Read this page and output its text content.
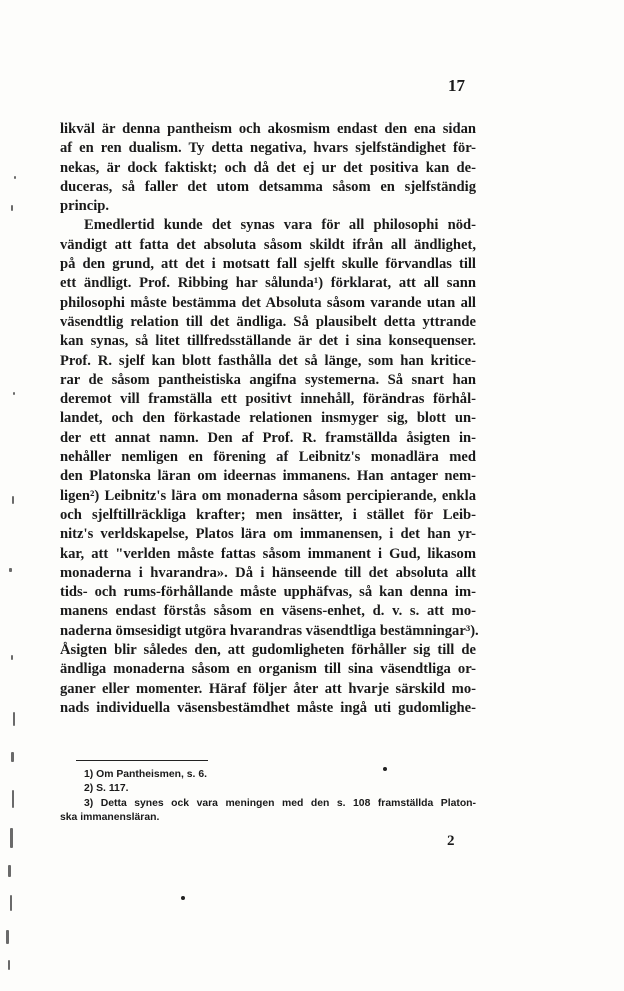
17
likväl är denna pantheism och akosmism endast den ena sidan
af en ren dualism. Ty detta negativa, hvars sjelfständighet för-
nekas, är dock faktiskt; och då det ej ur det positiva kan de-
duceras, så faller det utom detsamma såsom en sjelfständig
princip.
Emedlertid kunde det synas vara för all philosophi nöd-
vändigt att fatta det absoluta såsom skildt ifrån all ändlighet,
på den grund, att det i motsatt fall sjelft skulle förvandlas till
ett ändligt. Prof. Ribbing har sålunda¹) förklarat, att all sann
philosophi måste bestämma det Absoluta såsom varande utan all
väsendtlig relation till det ändliga. Så plausibelt detta yttrande
kan synas, så litet tillfredsställande är det i sina konsequenser.
Prof. R. sjelf kan blott fasthålla det så länge, som han kritice-
rar de såsom pantheistiska angifna systemerna. Så snart han
deremot vill framställa ett positivt innehåll, förändras förhål-
landet, och den förkastade relationen insmyger sig, blott un-
der ett annat namn. Den af Prof. R. framställda åsigten in-
nehåller nemligen en förening af Leibnitz's monadlära med
den Platonska läran om ideernas immanens. Han antager nem-
ligen²) Leibnitz's lära om monaderna såsom percipierande, enkla
och sjelftillräckliga krafter; men insätter, i stället för Leib-
nitz's verldskapelse, Platos lära om immanensen, i det han yr-
kar, att "verlden måste fattas såsom immanent i Gud, likasom
monaderna i hvarandra». Då i hänseende till det absoluta allt
tids- och rums-förhållande måste upphäfvas, så kan denna im-
manens endast förstås såsom en väsens-enhet, d. v. s. att mo-
naderna ömsesidigt utgöra hvarandras väsendtliga bestämningar³).
Åsigten blir således den, att gudomligheten förhåller sig till de
ändliga monaderna såsom en organism till sina väsendtliga or-
ganer eller momenter. Häraf följer åter att hvarje särskild mo-
nads individuella väsensbestämdhet måste ingå uti gudomlighe-
1) Om Pantheismen, s. 6.
2) S. 117.
3) Detta synes ock vara meningen med den s. 108 framställda Platon-
ska immanensläran.
2
